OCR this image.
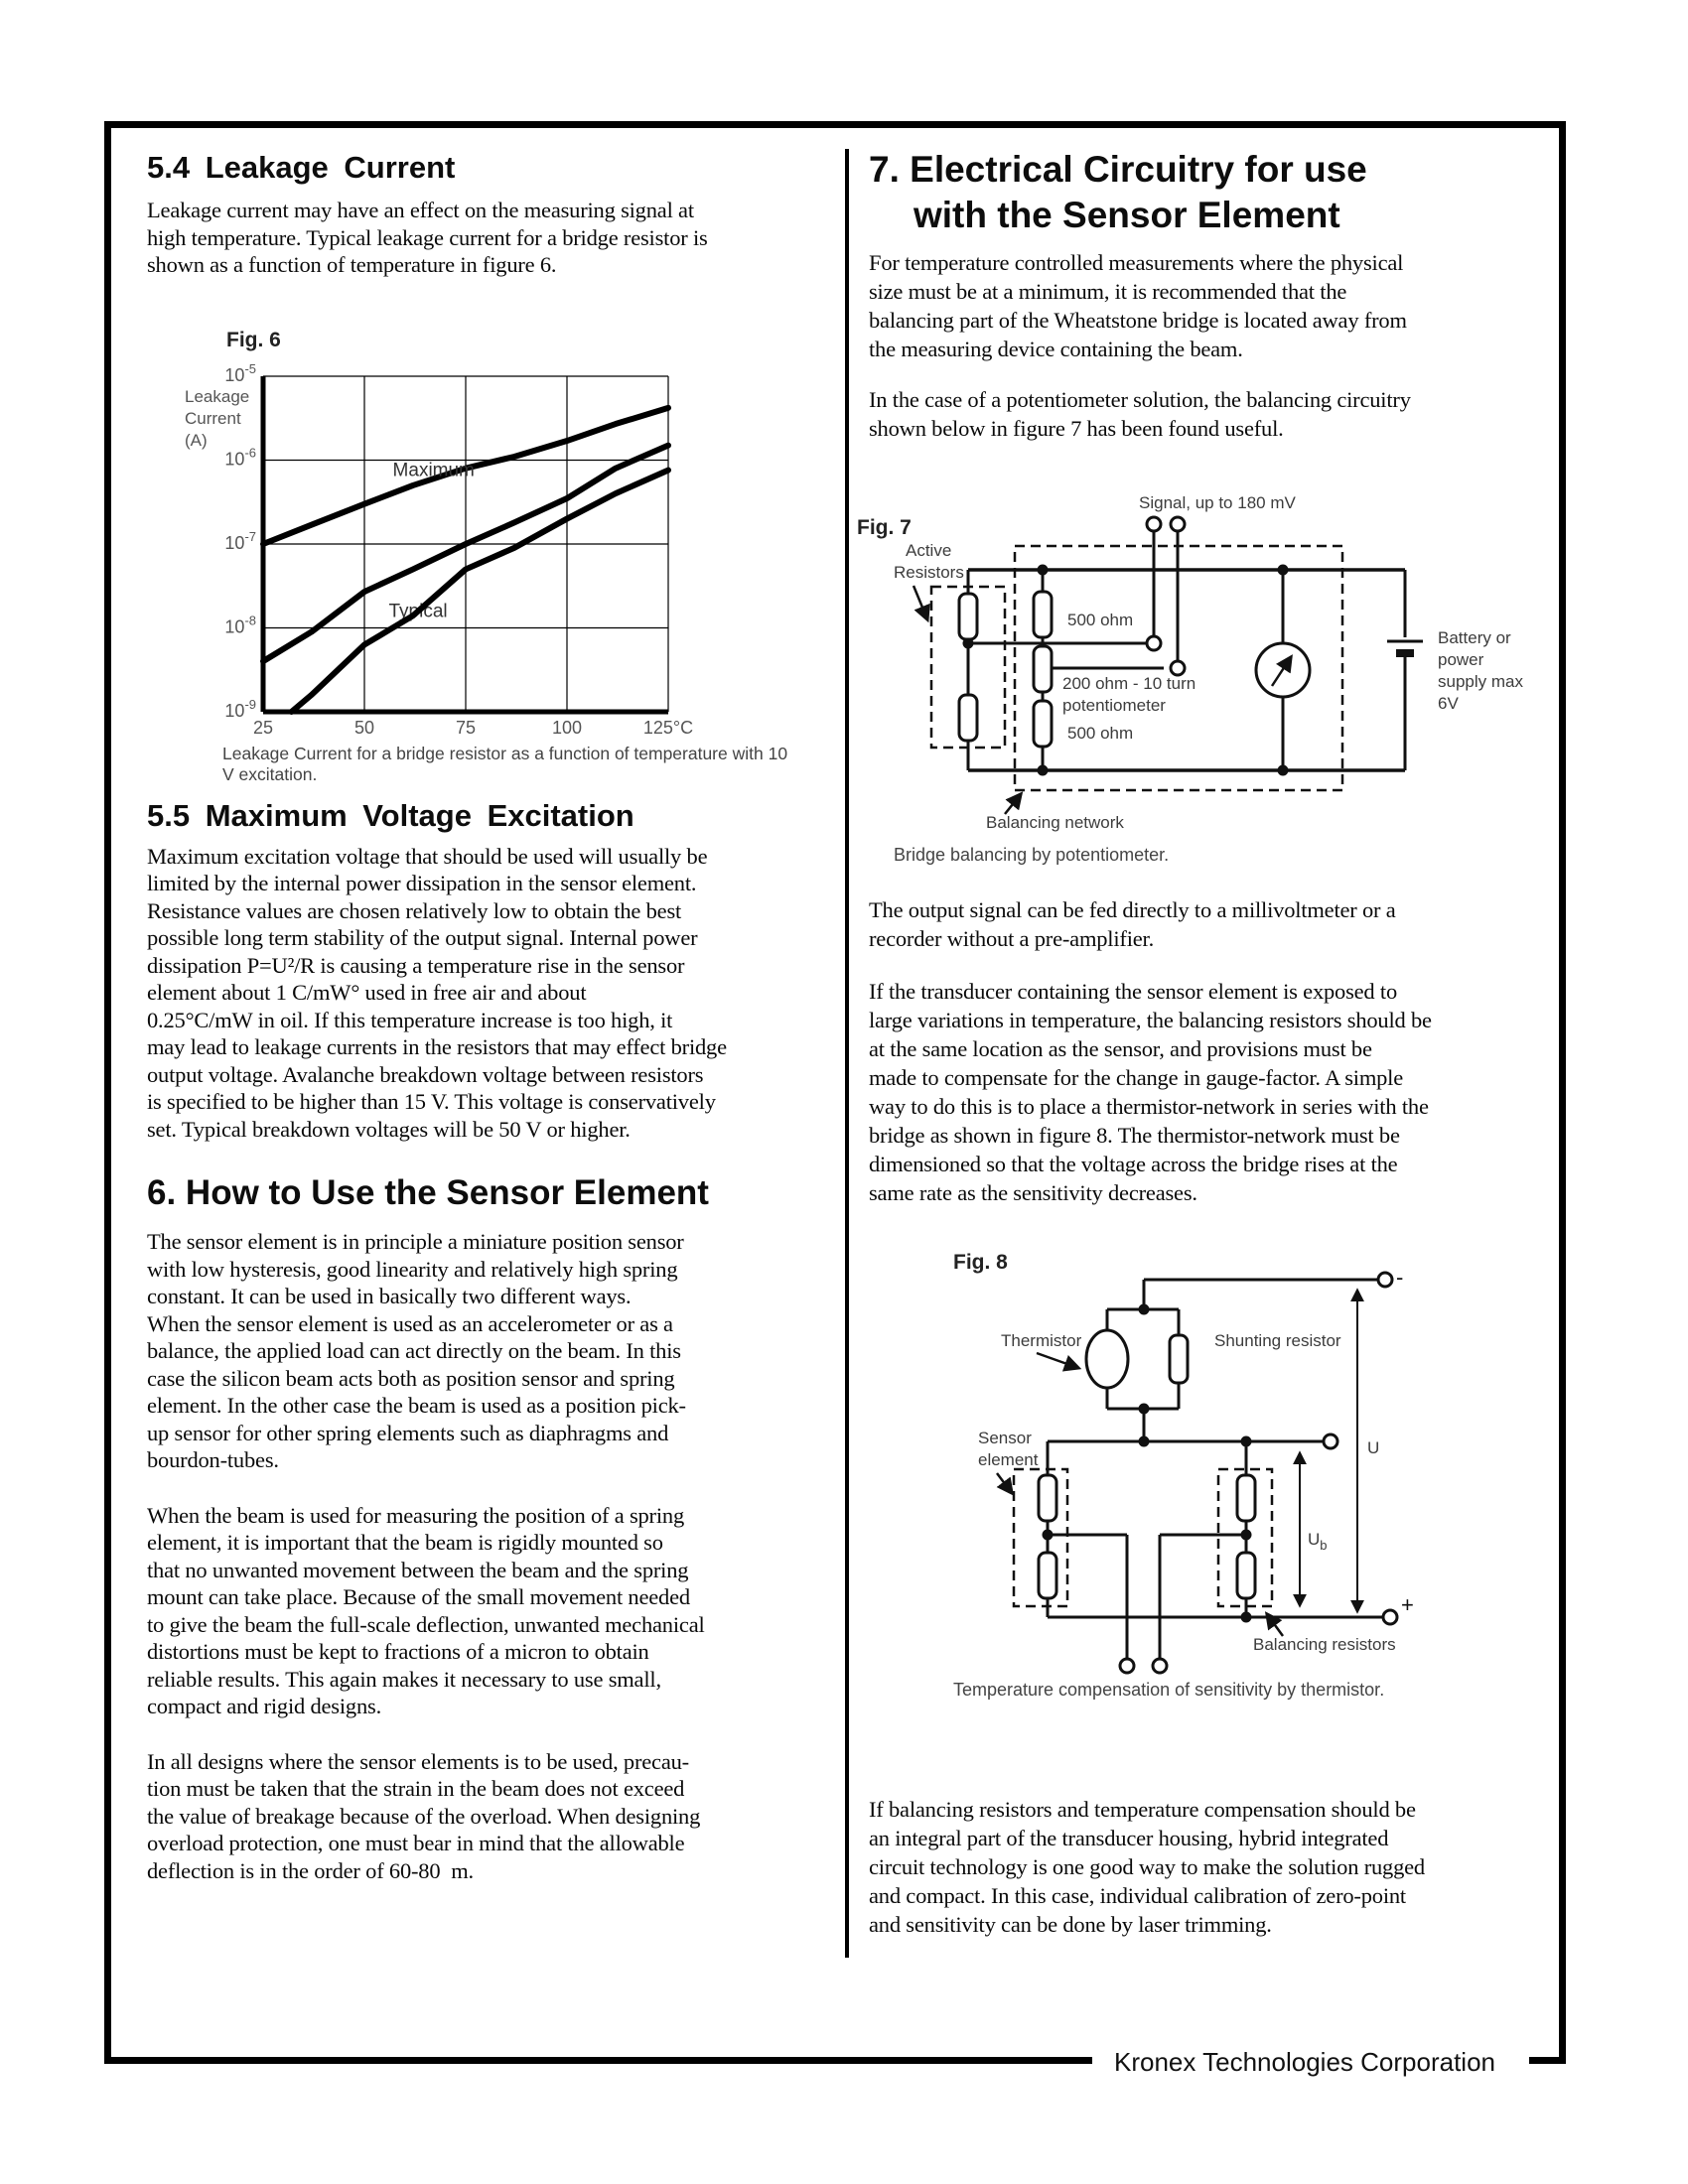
5.4 Leakage Current
Leakage current may have an effect on the measuring signal at
high temperature. Typical leakage current for a bridge resistor is
shown as a function of temperature in figure 6.
Fig. 6
$10^{-5}$
$10^{-6}$
$10^{-7}$
$10^{-8}$
$10^{-9}$
25	50	75	100	125°C
Leakage
Current
(A)
Maximum
Typical
Leakage Current for a bridge resistor as a function of temperature with 10 V excitation.
5.5 Maximum Voltage Excitation
Maximum excitation voltage that should be used will usually be
limited by the internal power dissipation in the sensor element.
Resistance values are chosen relatively low to obtain the best
possible long term stability of the output signal. Internal power
dissipation P=U²/R is causing a temperature rise in the sensor
element about 1 C/mW° used in free air and about
0.25°C/mW in oil. If this temperature increase is too high, it
may lead to leakage currents in the resistors that may effect bridge
output voltage. Avalanche breakdown voltage between resistors
is specified to be higher than 15 V. This voltage is conservatively
set. Typical breakdown voltages will be 50 V or higher.
6. How to Use the Sensor Element
The sensor element is in principle a miniature position sensor
with low hysteresis, good linearity and relatively high spring
constant. It can be used in basically two different ways.
When the sensor element is used as an accelerometer or as a
balance, the applied load can act directly on the beam. In this
case the silicon beam acts both as position sensor and spring
element. In the other case the beam is used as a position pick-
up sensor for other spring elements such as diaphragms and
bourdon-tubes.
When the beam is used for measuring the position of a spring
element, it is important that the beam is rigidly mounted so
that no unwanted movement between the beam and the spring
mount can take place. Because of the small movement needed
to give the beam the full-scale deflection, unwanted mechanical
distortions must be kept to fractions of a micron to obtain
reliable results. This again makes it necessary to use small,
compact and rigid designs.
In all designs where the sensor elements is to be used, precau-
tion must be taken that the strain in the beam does not exceed
the value of breakage because of the overload. When designing
overload protection, one must bear in mind that the allowable
deflection is in the order of 60-80  m.
7. Electrical Circuitry for use
with the Sensor Element
For temperature controlled measurements where the physical
size must be at a minimum, it is recommended that the
balancing part of the Wheatstone bridge is located away from
the measuring device containing the beam.
In the case of a potentiometer solution, the balancing circuitry
shown below in figure 7 has been found useful.
Fig. 7
Signal, up to 180 mV
Active
Resistors
500 ohm
200 ohm - 10 turn
potentiometer
500 ohm
Battery or
power
supply max
6V
Balancing network
Bridge balancing by potentiometer.
The output signal can be fed directly to a millivoltmeter or a
recorder without a pre-amplifier.
If the transducer containing the sensor element is exposed to
large variations in temperature, the balancing resistors should be
at the same location as the sensor, and provisions must be
made to compensate for the change in gauge-factor. A simple
way to do this is to place a thermistor-network in series with the
bridge as shown in figure 8. The thermistor-network must be
dimensioned so that the voltage across the bridge rises at the
same rate as the sensitivity decreases.
Fig. 8
-
+
U
$U_b$
Thermistor	Shunting resistor
Sensor
element
Balancing resistors
Temperature compensation of sensitivity by thermistor.
If balancing resistors and temperature compensation should be
an integral part of the transducer housing, hybrid integrated
circuit technology is one good way to make the solution rugged
and compact. In this case, individual calibration of zero-point
and sensitivity can be done by laser trimming.
Kronex Technologies Corporation
